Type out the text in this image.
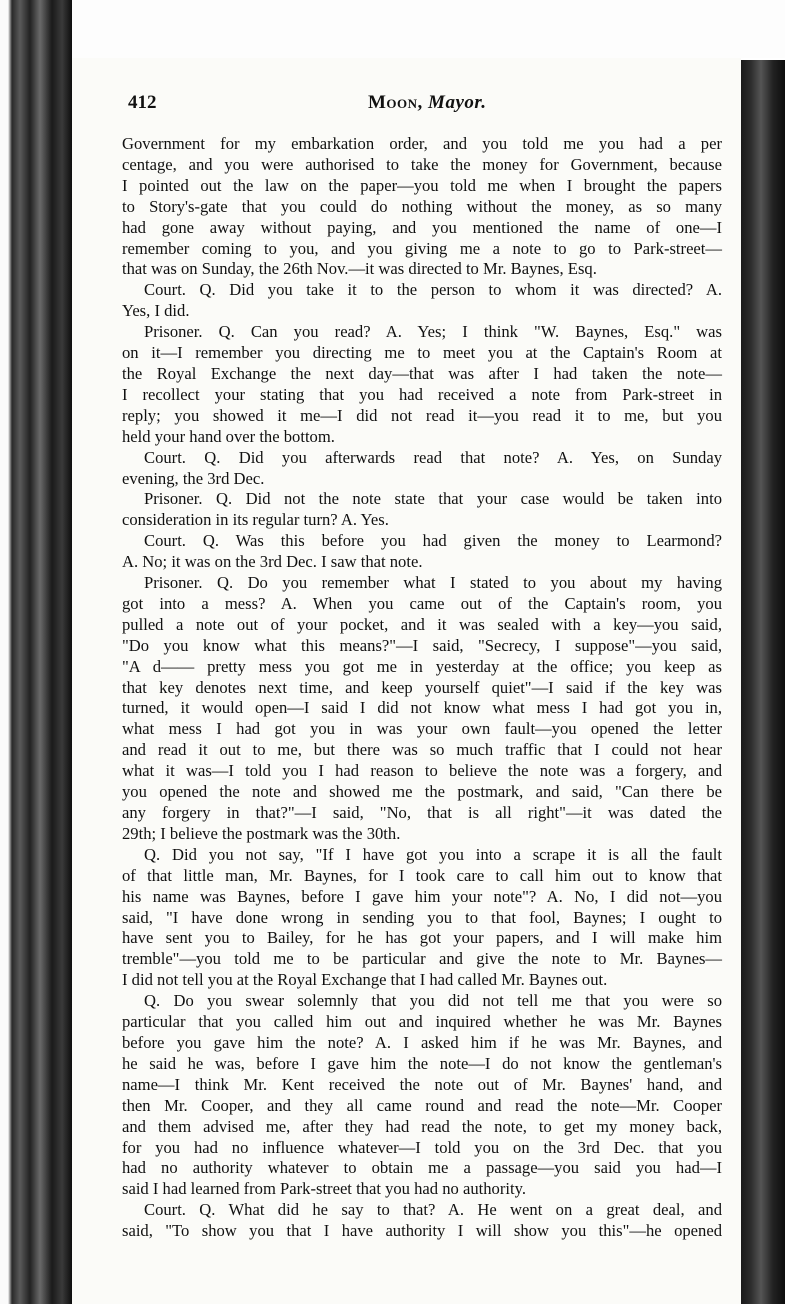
412	Moon, Mayor.
Government for my embarkation order, and you told me you had a per
centage, and you were authorised to take the money for Government, because
I pointed out the law on the paper—you told me when I brought the papers
to Story's-gate that you could do nothing without the money, as so many
had gone away without paying, and you mentioned the name of one—I
remember coming to you, and you giving me a note to go to Park-street—
that was on Sunday, the 26th Nov.—it was directed to Mr. Baynes, Esq.
Court. Q. Did you take it to the person to whom it was directed? A.
Yes, I did.
Prisoner. Q. Can you read? A. Yes; I think "W. Baynes, Esq." was
on it—I remember you directing me to meet you at the Captain's Room at
the Royal Exchange the next day—that was after I had taken the note—
I recollect your stating that you had received a note from Park-street in
reply; you showed it me—I did not read it—you read it to me, but you
held your hand over the bottom.
Court. Q. Did you afterwards read that note? A. Yes, on Sunday
evening, the 3rd Dec.
Prisoner. Q. Did not the note state that your case would be taken into
consideration in its regular turn? A. Yes.
Court. Q. Was this before you had given the money to Learmond?
A. No; it was on the 3rd Dec. I saw that note.
Prisoner. Q. Do you remember what I stated to you about my having
got into a mess? A. When you came out of the Captain's room, you
pulled a note out of your pocket, and it was sealed with a key—you said,
"Do you know what this means?"—I said, "Secrecy, I suppose"—you said,
"A d—— pretty mess you got me in yesterday at the office; you keep as
that key denotes next time, and keep yourself quiet"—I said if the key was
turned, it would open—I said I did not know what mess I had got you in,
what mess I had got you in was your own fault—you opened the letter
and read it out to me, but there was so much traffic that I could not hear
what it was—I told you I had reason to believe the note was a forgery, and
you opened the note and showed me the postmark, and said, "Can there be
any forgery in that?"—I said, "No, that is all right"—it was dated the
29th; I believe the postmark was the 30th.
Q. Did you not say, "If I have got you into a scrape it is all the fault
of that little man, Mr. Baynes, for I took care to call him out to know that
his name was Baynes, before I gave him your note"? A. No, I did not—you
said, "I have done wrong in sending you to that fool, Baynes; I ought to
have sent you to Bailey, for he has got your papers, and I will make him
tremble"—you told me to be particular and give the note to Mr. Baynes—
I did not tell you at the Royal Exchange that I had called Mr. Baynes out.
Q. Do you swear solemnly that you did not tell me that you were so
particular that you called him out and inquired whether he was Mr. Baynes
before you gave him the note? A. I asked him if he was Mr. Baynes, and
he said he was, before I gave him the note—I do not know the gentleman's
name—I think Mr. Kent received the note out of Mr. Baynes' hand, and
then Mr. Cooper, and they all came round and read the note—Mr. Cooper
and them advised me, after they had read the note, to get my money back,
for you had no influence whatever—I told you on the 3rd Dec. that you
had no authority whatever to obtain me a passage—you said you had—I
said I had learned from Park-street that you had no authority.
Court. Q. What did he say to that? A. He went on a great deal, and
said, "To show you that I have authority I will show you this"—he opened
